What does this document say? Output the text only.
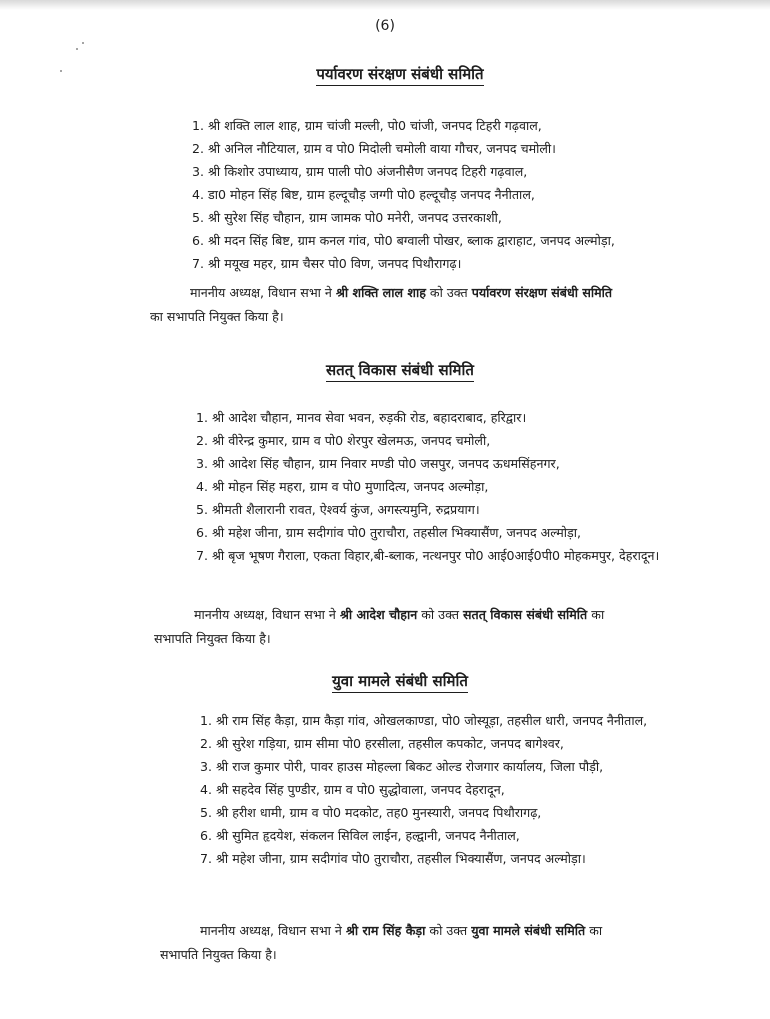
(6)
पर्यावरण संरक्षण संबंधी समिति
1. श्री शक्ति लाल शाह, ग्राम चांजी मल्ली, पो0 चांजी, जनपद टिहरी गढ़वाल,
2. श्री अनिल नौटियाल, ग्राम व पो0 मिदोली चमोली वाया गौचर, जनपद चमोली।
3. श्री किशोर उपाध्याय, ग्राम पाली पो0 अंजनीसैण जनपद टिहरी गढ़वाल,
4. डा0 मोहन सिंह बिष्ट, ग्राम हल्दूचौड़ जग्गी पो0 हल्दूचौड़ जनपद नैनीताल,
5. श्री सुरेश सिंह चौहान, ग्राम जामक पो0 मनेरी, जनपद उत्तरकाशी,
6. श्री मदन सिंह बिष्ट, ग्राम कनल गांव, पो0 बग्वाली पोखर, ब्लाक द्वाराहाट, जनपद अल्मोड़ा,
7. श्री मयूख महर, ग्राम चैसर पो0 विण, जनपद पिथौरागढ़।

माननीय अध्यक्ष, विधान सभा ने श्री शक्ति लाल शाह को उक्त पर्यावरण संरक्षण संबंधी समिति
का सभापति नियुक्त किया है।

सतत् विकास संबंधी समिति
1. श्री आदेश चौहान, मानव सेवा भवन, रुड़की रोड, बहादराबाद, हरिद्वार।
2. श्री वीरेन्द्र कुमार, ग्राम व पो0 शेरपुर खेलमऊ, जनपद चमोली,
3. श्री आदेश सिंह चौहान, ग्राम निवार मण्डी पो0 जसपुर, जनपद ऊधमसिंहनगर,
4. श्री मोहन सिंह महरा, ग्राम व पो0 मुणादित्य, जनपद अल्मोड़ा,
5. श्रीमती शैलारानी रावत, ऐश्वर्य कुंज, अगस्त्यमुनि, रुद्रप्रयाग।
6. श्री महेश जीना, ग्राम सदीगांव पो0 तुराचौरा, तहसील भिक्यासैंण, जनपद अल्मोड़ा,
7. श्री बृज भूषण गैराला, एकता विहार,बी-ब्लाक, नत्थनपुर पो0 आई0आई0पी0 मोहकमपुर, देहरादून।

माननीय अध्यक्ष, विधान सभा ने श्री आदेश चौहान को उक्त सतत् विकास संबंधी समिति का
सभापति नियुक्त किया है।

युवा मामले संबंधी समिति
1. श्री राम सिंह कैड़ा, ग्राम कैड़ा गांव, ओखलकाण्डा, पो0 जोस्यूड़ा, तहसील धारी, जनपद नैनीताल,
2. श्री सुरेश गड़िया, ग्राम सीमा पो0 हरसीला, तहसील कपकोट, जनपद बागेश्वर,
3. श्री राज कुमार पोरी, पावर हाउस मोहल्ला बिकट ओल्ड रोजगार कार्यालय, जिला पौड़ी,
4. श्री सहदेव सिंह पुण्डीर, ग्राम व पो0 सुद्धोवाला, जनपद देहरादून,
5. श्री हरीश धामी, ग्राम व पो0 मदकोट, तह0 मुनस्यारी, जनपद पिथौरागढ़,
6. श्री सुमित हृदयेश, संकलन सिविल लाईन, हल्द्वानी, जनपद नैनीताल,
7. श्री महेश जीना, ग्राम सदीगांव पो0 तुराचौरा, तहसील भिक्यासैंण, जनपद अल्मोड़ा।

माननीय अध्यक्ष, विधान सभा ने श्री राम सिंह कैड़ा को उक्त युवा मामले संबंधी समिति का
सभापति नियुक्त किया है।
